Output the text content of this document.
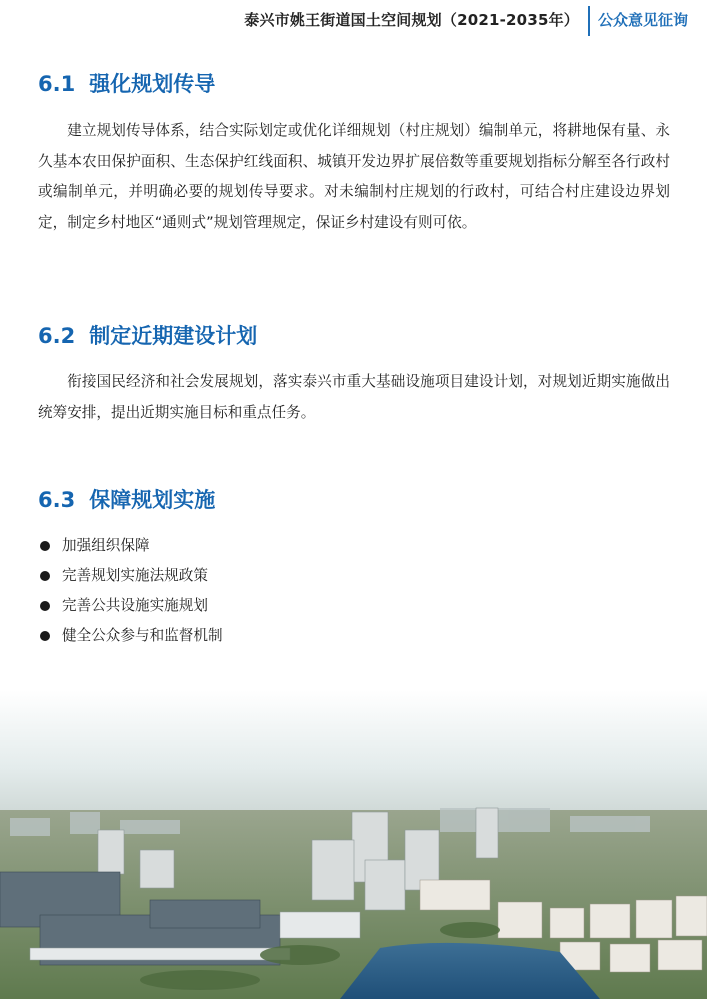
泰兴市姚王街道国土空间规划（2021-2035年） 公众意见征询
6.1 强化规划传导

建立规划传导体系，结合实际划定或优化详细规划（村庄规划）编制单元，将耕地保有量、永久基本农田保护面积、生态保护红线面积、城镇开发边界扩展倍数等重要规划指标分解至各行政村或编制单元，并明确必要的规划传导要求。对未编制村庄规划的行政村，可结合村庄建设边界划定，制定乡村地区“通则式”规划管理规定，保证乡村建设有则可依。

6.2 制定近期建设计划

衔接国民经济和社会发展规划，落实泰兴市重大基础设施项目建设计划，对规划近期实施做出统筹安排，提出近期实施目标和重点任务。

6.3 保障规划实施
加强组织保障
完善规划实施法规政策
完善公共设施实施规划
健全公众参与和监督机制
